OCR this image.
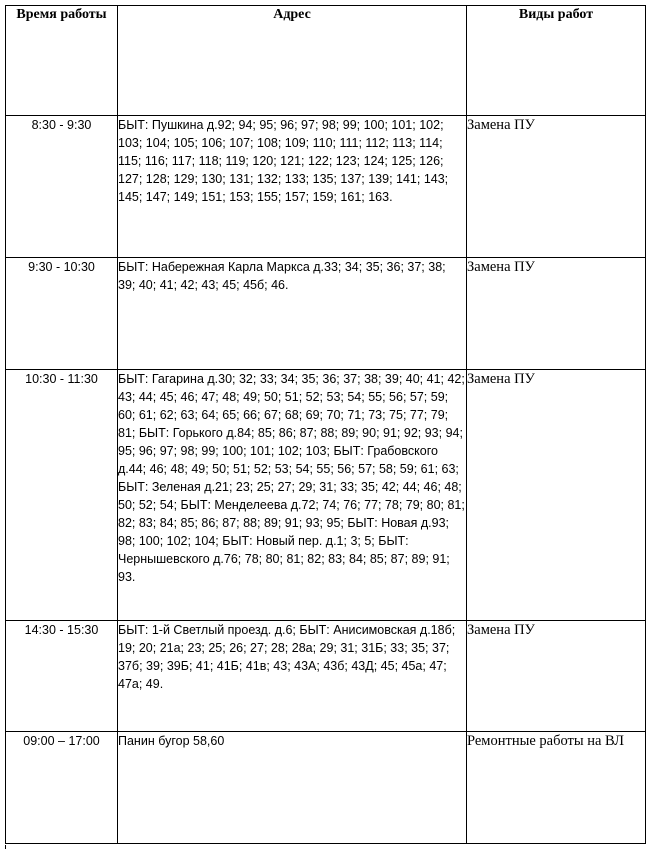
Время работы	Адрес	Виды работ
8:30 - 9:30	БЫТ: Пушкина д.92; 94; 95; 96; 97; 98; 99; 100; 101; 102; 103; 104; 105; 106; 107; 108; 109; 110; 111; 112; 113; 114; 115; 116; 117; 118; 119; 120; 121; 122; 123; 124; 125; 126; 127; 128; 129; 130; 131; 132; 133; 135; 137; 139; 141; 143; 145; 147; 149; 151; 153; 155; 157; 159; 161; 163.	Замена ПУ
9:30 - 10:30	БЫТ: Набережная Карла Маркса д.33; 34; 35; 36; 37; 38; 39; 40; 41; 42; 43; 45; 45б; 46.	Замена ПУ
10:30 - 11:30	БЫТ: Гагарина д.30; 32; 33; 34; 35; 36; 37; 38; 39; 40; 41; 42; 43; 44; 45; 46; 47; 48; 49; 50; 51; 52; 53; 54; 55; 56; 57; 59; 60; 61; 62; 63; 64; 65; 66; 67; 68; 69; 70; 71; 73; 75; 77; 79; 81; БЫТ: Горького д.84; 85; 86; 87; 88; 89; 90; 91; 92; 93; 94; 95; 96; 97; 98; 99; 100; 101; 102; 103; БЫТ: Грабовского д.44; 46; 48; 49; 50; 51; 52; 53; 54; 55; 56; 57; 58; 59; 61; 63; БЫТ: Зеленая д.21; 23; 25; 27; 29; 31; 33; 35; 42; 44; 46; 48; 50; 52; 54; БЫТ: Менделеева д.72; 74; 76; 77; 78; 79; 80; 81; 82; 83; 84; 85; 86; 87; 88; 89; 91; 93; 95; БЫТ: Новая д.93; 98; 100; 102; 104; БЫТ: Новый пер. д.1; 3; 5; БЫТ: Чернышевского д.76; 78; 80; 81; 82; 83; 84; 85; 87; 89; 91; 93.	Замена ПУ
14:30 - 15:30	БЫТ: 1-й Светлый проезд. д.6; БЫТ: Анисимовская д.18б; 19; 20; 21а; 23; 25; 26; 27; 28; 28а; 29; 31; 31Б; 33; 35; 37; 37б; 39; 39Б; 41; 41Б; 41в; 43; 43А; 43б; 43Д; 45; 45а; 47; 47а; 49.	Замена ПУ
09:00 – 17:00	Панин бугор 58,60	Ремонтные работы на ВЛ
